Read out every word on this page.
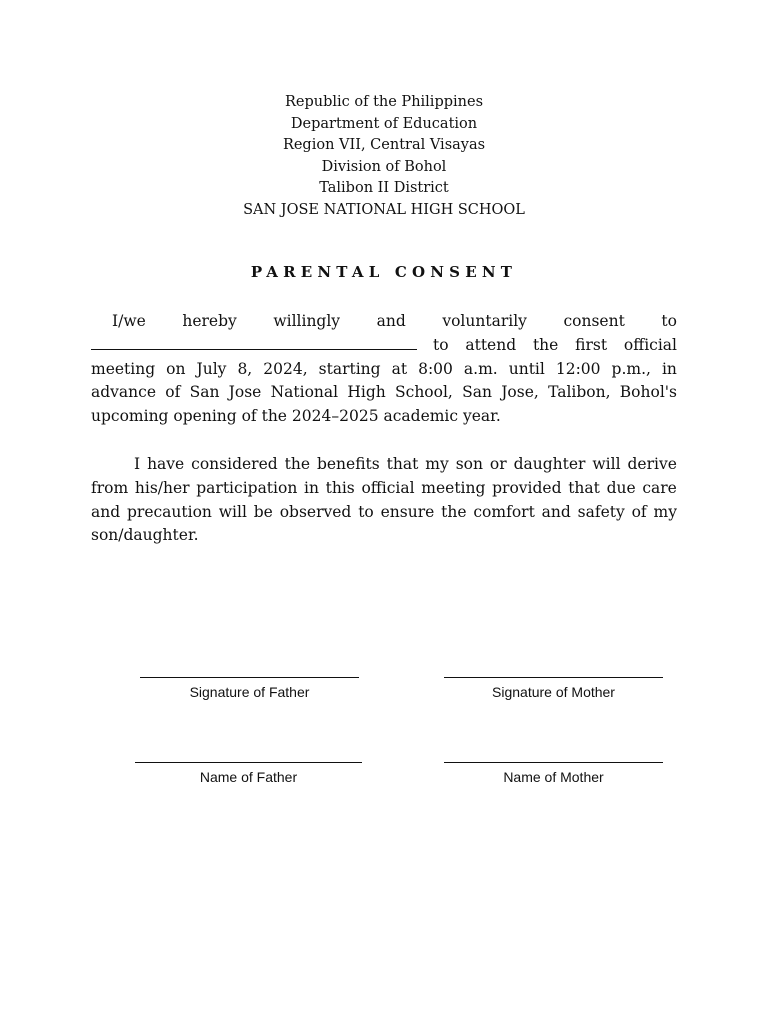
Republic of the Philippines
Department of Education
Region VII, Central Visayas
Division of Bohol
Talibon II District
SAN JOSE NATIONAL HIGH SCHOOL
PARENTAL CONSENT
I/we hereby willingly and voluntarily consent to
to attend the first official
meeting on July 8, 2024, starting at 8:00 a.m. until 12:00 p.m., in
advance of San Jose National High School, San Jose, Talibon, Bohol's
upcoming opening of the 2024–2025 academic year.
I have considered the benefits that my son or daughter will derive
from his/her participation in this official meeting provided that due care
and precaution will be observed to ensure the comfort and safety of my
son/daughter.
Signature of Father	Signature of Mother
Name of Father	Name of Mother
